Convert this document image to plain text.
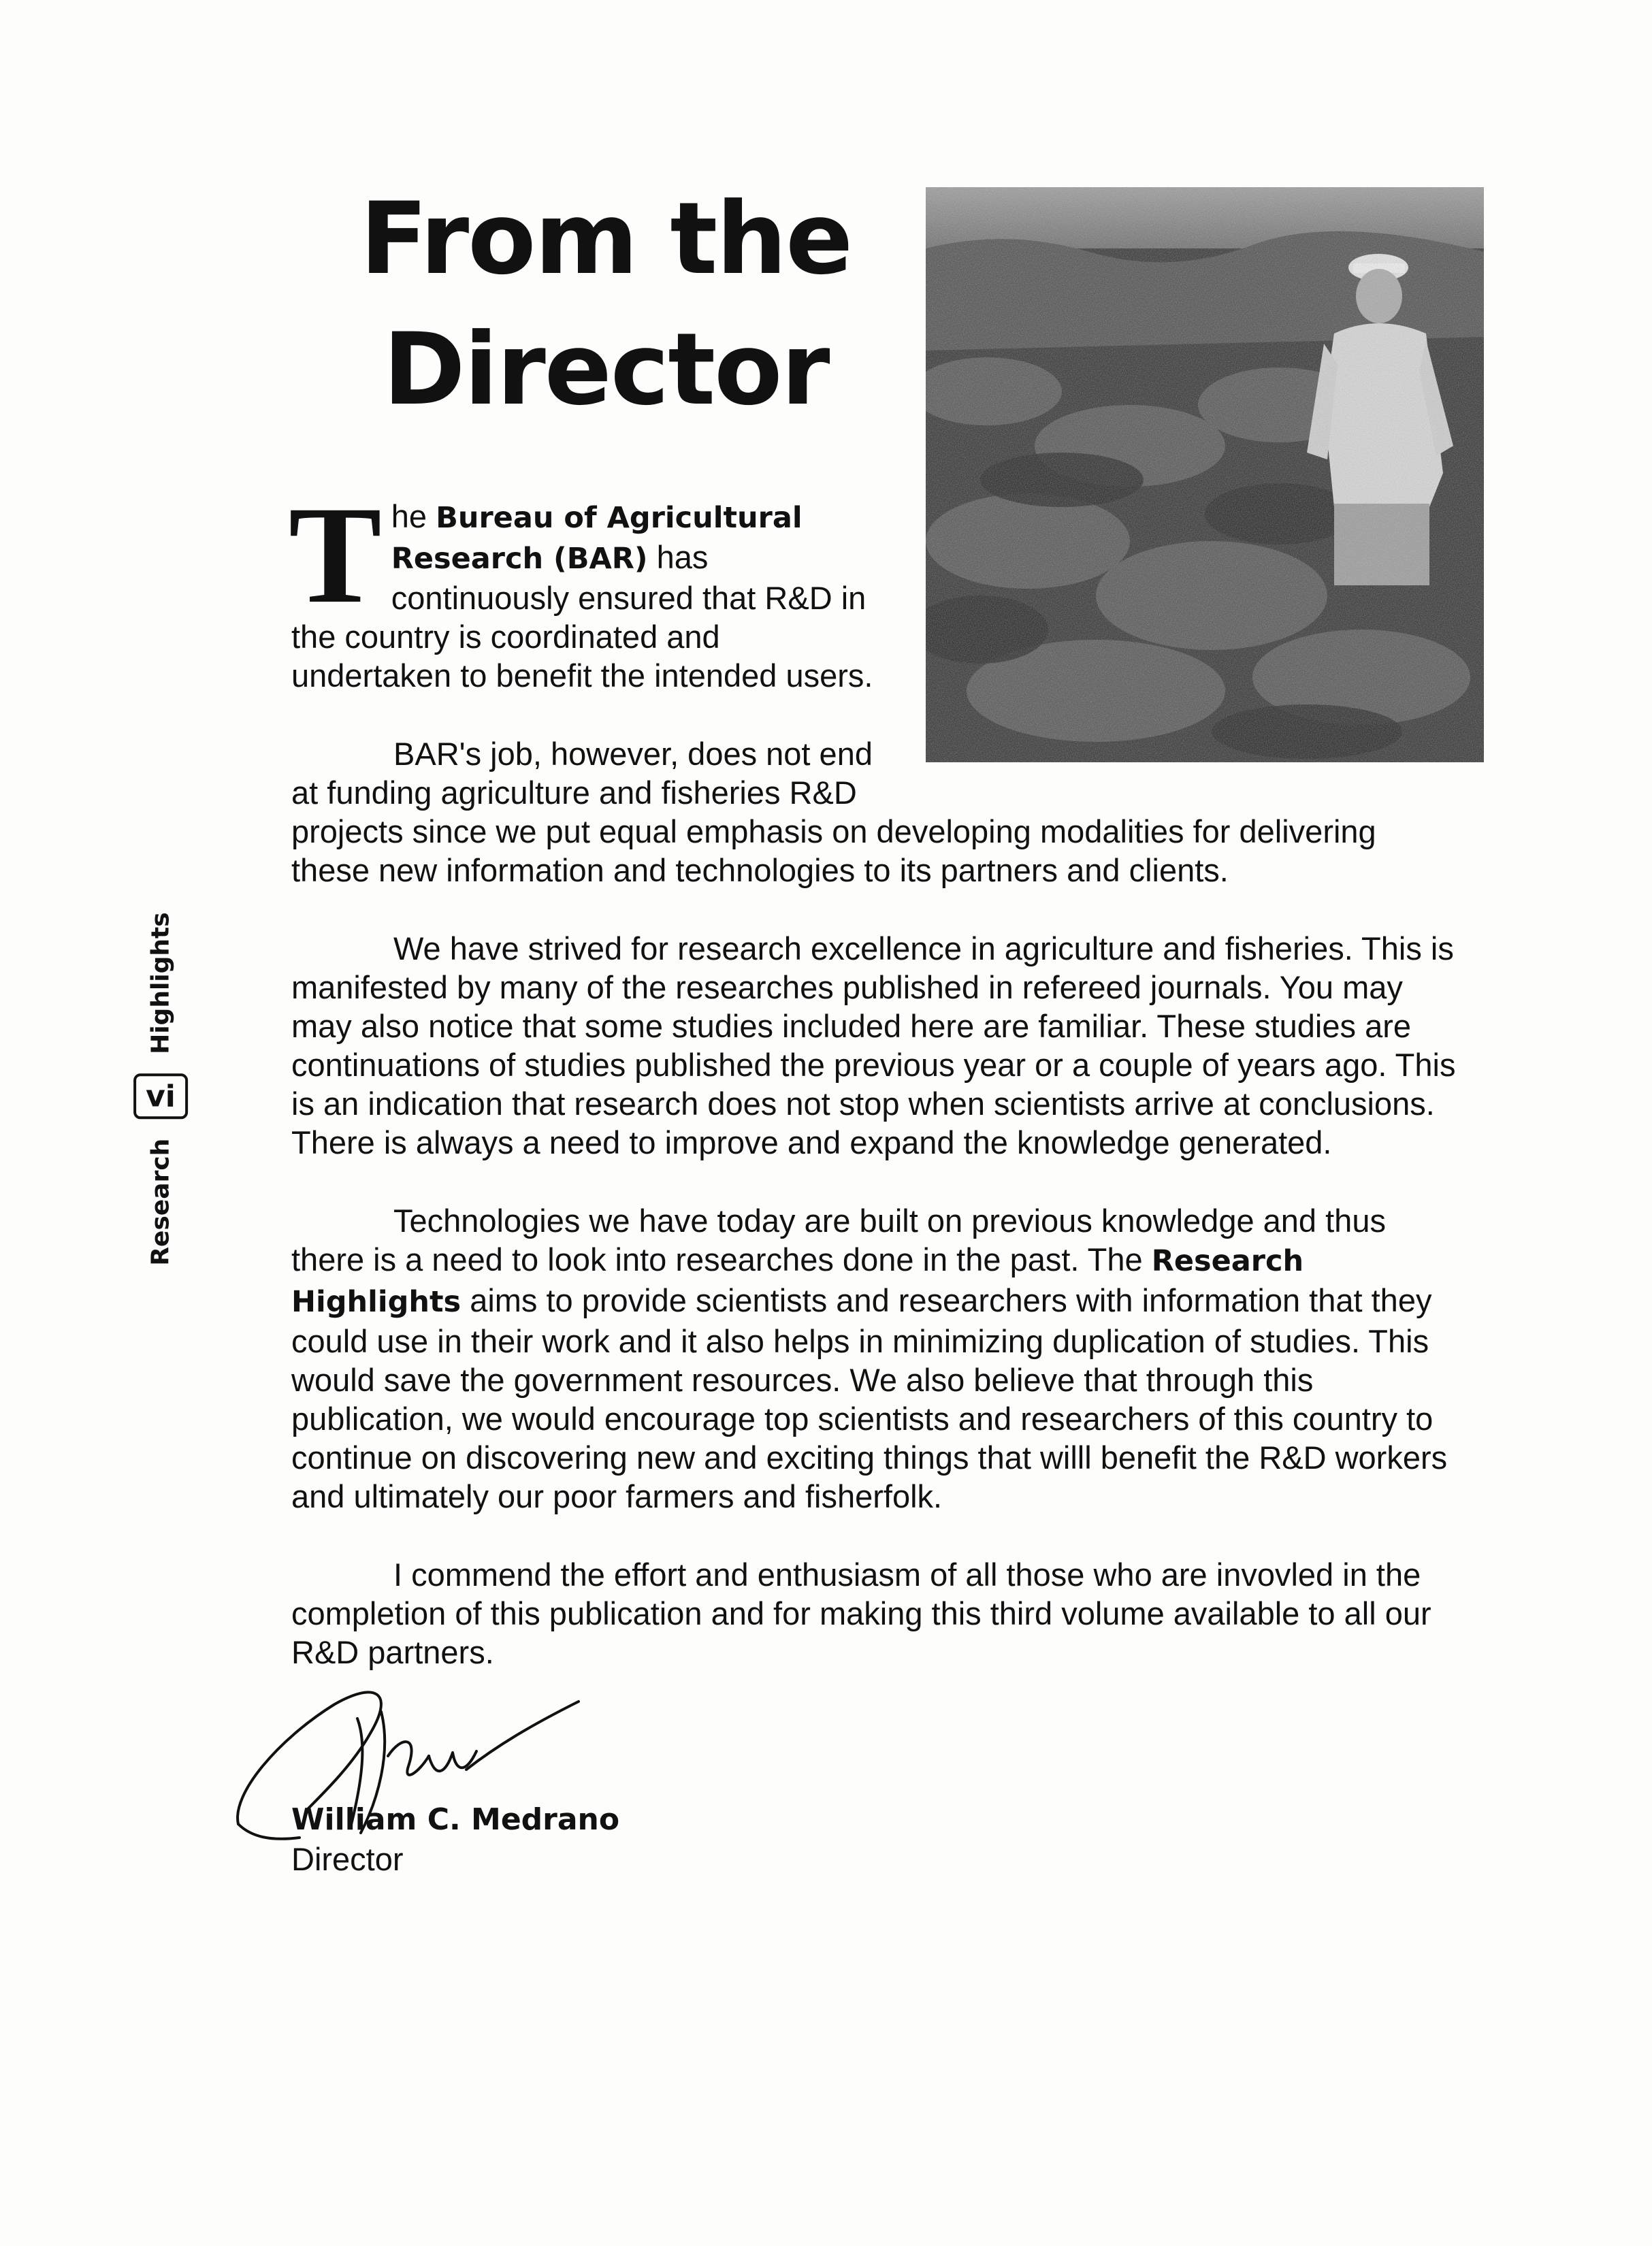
Research
vi
Highlights
From the
Director

The Bureau of Agricultural Research (BAR) has continuously ensured that R&D in the country is coordinated and undertaken to benefit the intended users.

BAR's job, however, does not end at funding agriculture and fisheries R&D
projects since we put equal emphasis on developing modalities for delivering these new information and technologies to its partners and clients.

We have strived for research excellence in agriculture and fisheries. This is manifested by many of the researches published in refereed journals. You may may also notice that some studies included here are familiar. These studies are continuations of studies published the previous year or a couple of years ago. This is an indication that research does not stop when scientists arrive at conclusions. There is always a need to improve and expand the knowledge generated.

Technologies we have today are built on previous knowledge and thus there is a need to look into researches done in the past. The Research Highlights aims to provide scientists and researchers with information that they could use in their work and it also helps in minimizing duplication of studies. This would save the government resources. We also believe that through this publication, we would encourage top scientists and researchers of this country to continue on discovering new and exciting things that willl benefit the R&D workers and ultimately our poor farmers and fisherfolk.

I commend the effort and enthusiasm of all those who are invovled in the completion of this publication and for making this third volume available to all our R&D partners.

William C. Medrano
Director
